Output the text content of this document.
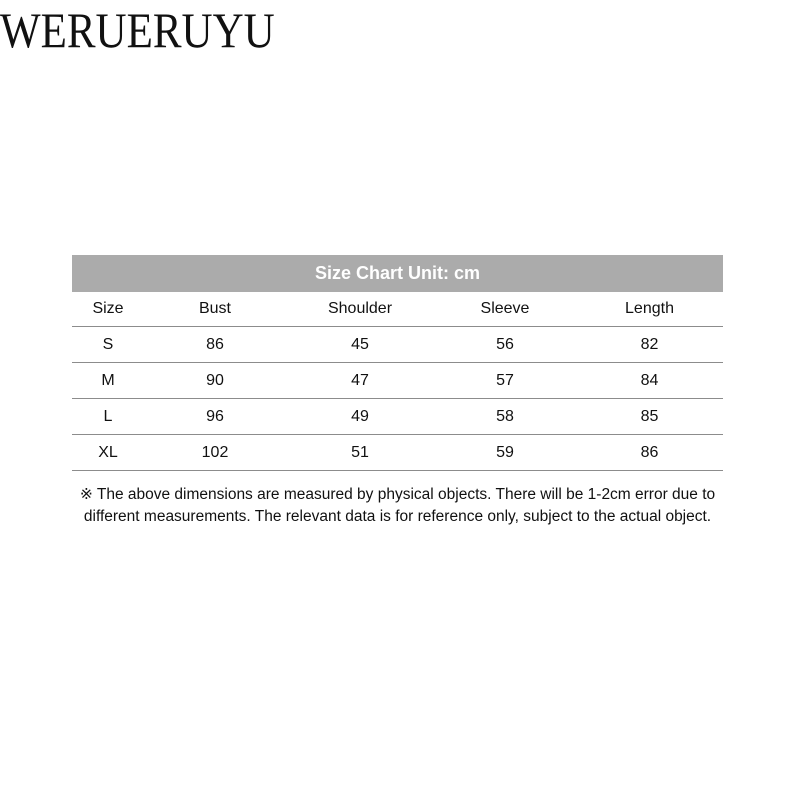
WERUERUYU
Size Chart Unit: cm
Size	Bust	Shoulder	Sleeve	Length
S	86	45	56	82
M	90	47	57	84
L	96	49	58	85
XL	102	51	59	86
※ The above dimensions are measured by physical objects. There will be 1-2cm error due to different measurements. The relevant data is for reference only, subject to the actual object.
